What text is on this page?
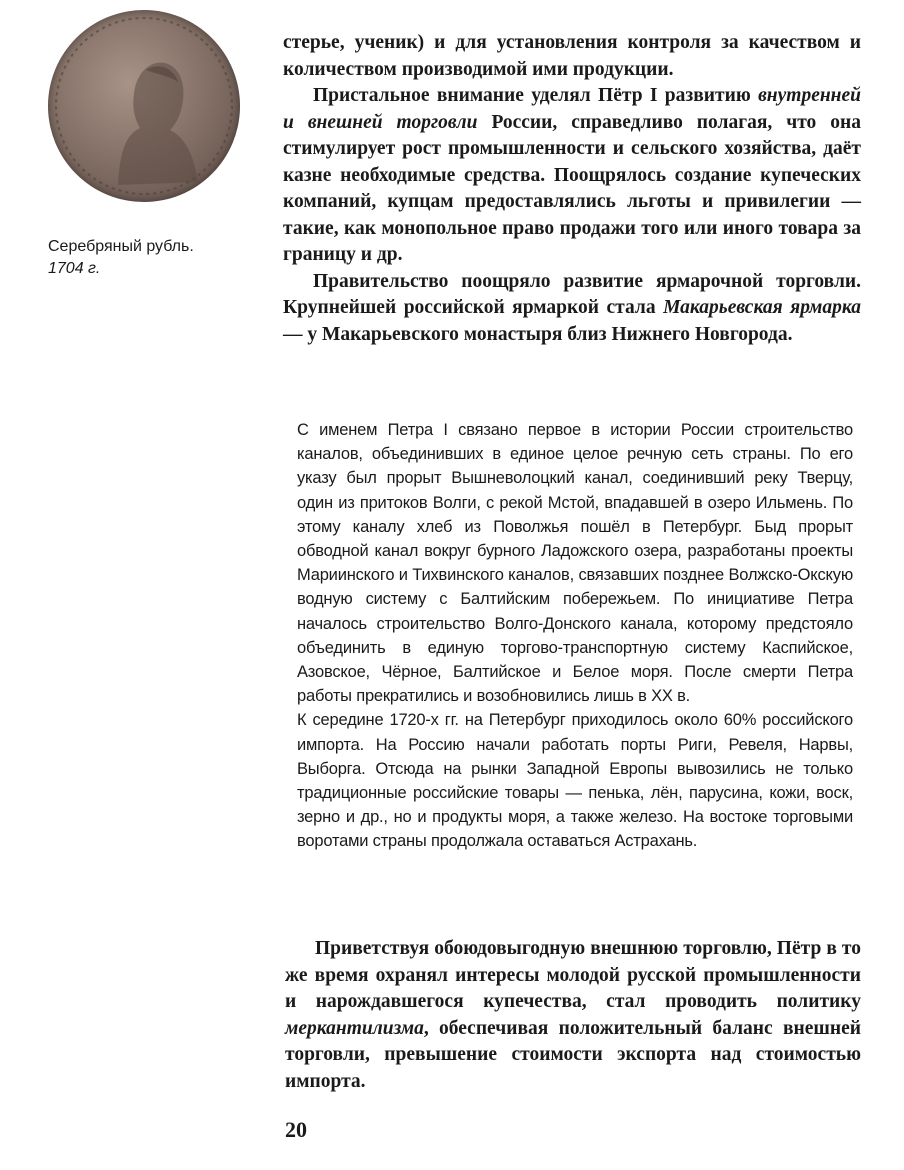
Серебряный рубль.
1704 г.

стерье, ученик) и для установления контроля за качеством и количеством производимой ими продукции.

Пристальное внимание уделял Пётр I развитию внутренней и внешней торговли России, справедливо полагая, что она стимулирует рост промышленности и сельского хозяйства, даёт казне необходимые средства. Поощрялось создание купеческих компаний, купцам предоставлялись льготы и привилегии — такие, как монопольное право продажи того или иного товара за границу и др.

Правительство поощряло развитие ярмарочной торговли. Крупнейшей российской ярмаркой стала Макарьевская ярмарка — у Макарьевского монастыря близ Нижнего Новгорода.

С именем Петра I связано первое в истории России строительство каналов, объединивших в единое целое речную сеть страны. По его указу был прорыт Вышневолоцкий канал, соединивший реку Тверцу, один из притоков Волги, с рекой Мстой, впадавшей в озеро Ильмень. По этому каналу хлеб из Поволжья пошёл в Петербург. Быд прорыт обводной канал вокруг бурного Ладожского озера, разработаны проекты Мариинского и Тихвинского каналов, связавших позднее Волжско-Окскую водную систему с Балтийским побережьем. По инициативе Петра началось строительство Волго-Донского канала, которому предстояло объединить в единую торгово-транспортную систему Каспийское, Азовское, Чёрное, Балтийское и Белое моря. После смерти Петра работы прекратились и возобновились лишь в XX в.
К середине 1720-х гг. на Петербург приходилось около 60% российского импорта. На Россию начали работать порты Риги, Ревеля, Нарвы, Выборга. Отсюда на рынки Западной Европы вывозились не только традиционные российские товары — пенька, лён, парусина, кожи, воск, зерно и др., но и продукты моря, а также железо. На востоке торговыми воротами страны продолжала оставаться Астрахань.

Приветствуя обоюдовыгодную внешнюю торговлю, Пётр в то же время охранял интересы молодой русской промышленности и нарождавшегося купечества, стал проводить политику меркантилизма, обеспечивая положительный баланс внешней торговли, превышение стоимости экспорта над стоимостью импорта.

20
